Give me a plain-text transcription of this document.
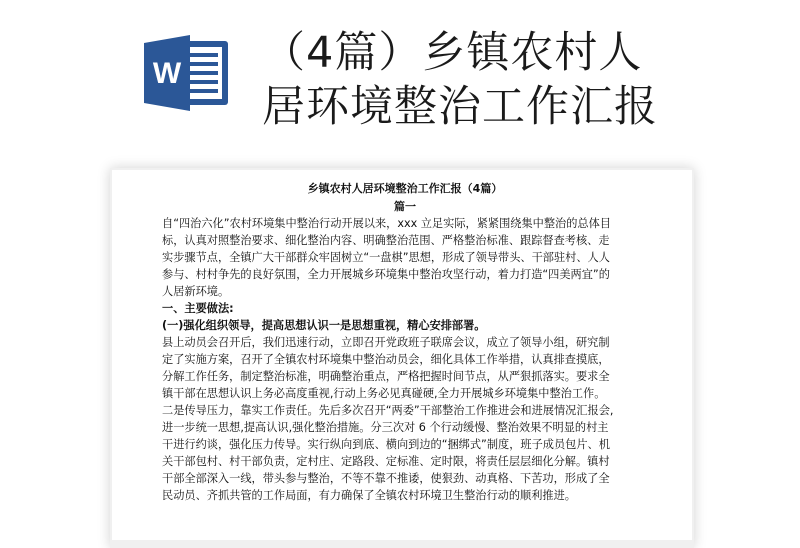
W （4篇）乡镇农村人
居环境整治工作汇报
乡镇农村人居环境整治工作汇报（4篇）
篇一
自“四治六化”农村环境集中整治行动开展以来，xxx 立足实际，紧紧围绕集中整治的总体目
标，认真对照整治要求、细化整治内容、明确整治范围、严格整治标准、跟踪督查考核、走
实步骤节点，全镇广大干部群众牢固树立“一盘棋”思想，形成了领导带头、干部驻村、人人
参与、村村争先的良好氛围，全力开展城乡环境集中整治攻坚行动，着力打造“四美两宜”的
人居新环境。
一、主要做法:
(一)强化组织领导，提高思想认识一是思想重视，精心安排部署。
县上动员会召开后，我们迅速行动，立即召开党政班子联席会议，成立了领导小组，研究制
定了实施方案，召开了全镇农村环境集中整治动员会，细化具体工作举措，认真排查摸底，
分解工作任务，制定整治标准，明确整治重点，严格把握时间节点，从严狠抓落实。要求全
镇干部在思想认识上务必高度重视,行动上务必见真碰硬,全力开展城乡环境集中整治工作。
二是传导压力，靠实工作责任。先后多次召开“两委”干部整治工作推进会和进展情况汇报会,
进一步统一思想,提高认识,强化整治措施。分三次对 6 个行动缓慢、整治效果不明显的村主
干进行约谈，强化压力传导。实行纵向到底、横向到边的“捆绑式”制度，班子成员包片、机
关干部包村、村干部负责，定村庄、定路段、定标准、定时限，将责任层层细化分解。镇村
干部全部深入一线，带头参与整治，不等不靠不推诿，使狠劲、动真格、下苦功，形成了全
民动员、齐抓共管的工作局面，有力确保了全镇农村环境卫生整治行动的顺利推进。
